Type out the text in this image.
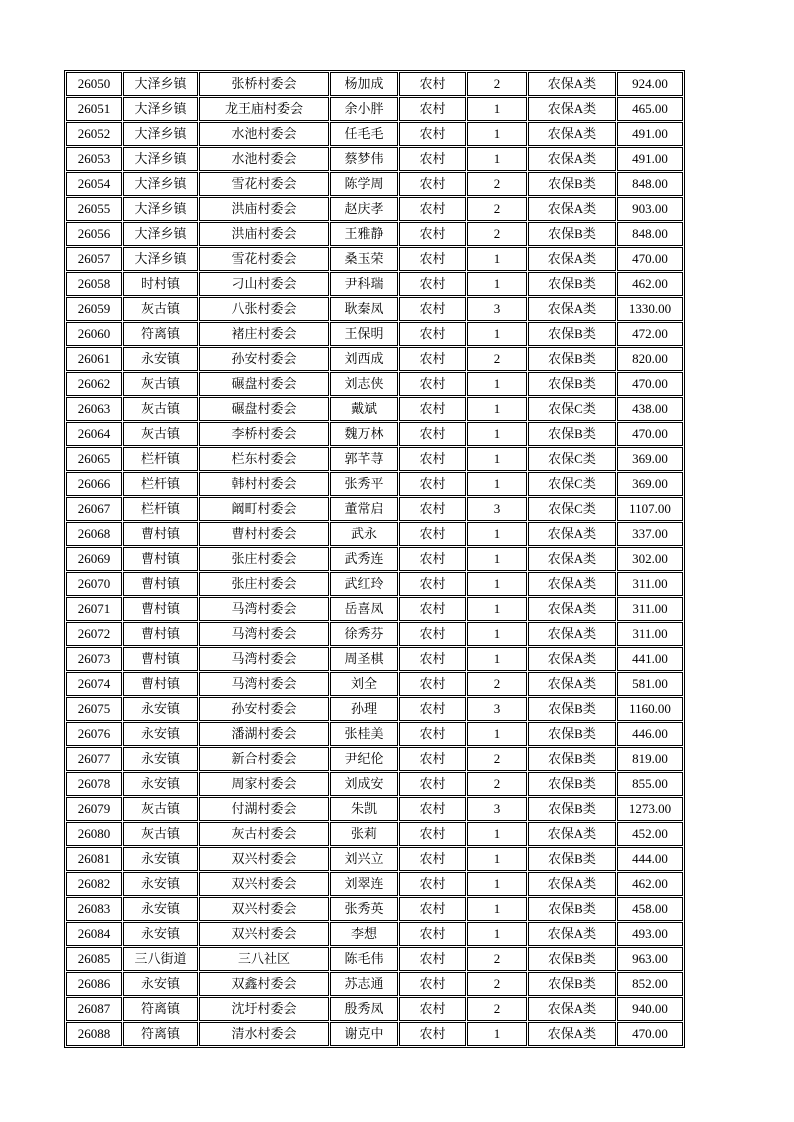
26050	大泽乡镇	张桥村委会	杨加成	农村	2	农保A类	924.00
26051	大泽乡镇	龙王庙村委会	余小胖	农村	1	农保A类	465.00
26052	大泽乡镇	水池村委会	任毛毛	农村	1	农保A类	491.00
26053	大泽乡镇	水池村委会	蔡梦伟	农村	1	农保A类	491.00
26054	大泽乡镇	雪花村委会	陈学周	农村	2	农保B类	848.00
26055	大泽乡镇	洪庙村委会	赵庆孝	农村	2	农保A类	903.00
26056	大泽乡镇	洪庙村委会	王雅静	农村	2	农保B类	848.00
26057	大泽乡镇	雪花村委会	桑玉荣	农村	1	农保A类	470.00
26058	时村镇	刁山村委会	尹科瑞	农村	1	农保B类	462.00
26059	灰古镇	八张村委会	耿秦凤	农村	3	农保A类	1330.00
26060	符离镇	褚庄村委会	王保明	农村	1	农保B类	472.00
26061	永安镇	孙安村委会	刘西成	农村	2	农保B类	820.00
26062	灰古镇	碾盘村委会	刘志侠	农村	1	农保B类	470.00
26063	灰古镇	碾盘村委会	戴斌	农村	1	农保C类	438.00
26064	灰古镇	李桥村委会	魏万林	农村	1	农保B类	470.00
26065	栏杆镇	栏东村委会	郭芊荨	农村	1	农保C类	369.00
26066	栏杆镇	韩村村委会	张秀平	农村	1	农保C类	369.00
26067	栏杆镇	阚町村委会	董常启	农村	3	农保C类	1107.00
26068	曹村镇	曹村村委会	武永	农村	1	农保A类	337.00
26069	曹村镇	张庄村委会	武秀连	农村	1	农保A类	302.00
26070	曹村镇	张庄村委会	武红玲	农村	1	农保A类	311.00
26071	曹村镇	马湾村委会	岳喜凤	农村	1	农保A类	311.00
26072	曹村镇	马湾村委会	徐秀芬	农村	1	农保A类	311.00
26073	曹村镇	马湾村委会	周圣棋	农村	1	农保A类	441.00
26074	曹村镇	马湾村委会	刘全	农村	2	农保A类	581.00
26075	永安镇	孙安村委会	孙理	农村	3	农保B类	1160.00
26076	永安镇	潘湖村委会	张桂美	农村	1	农保B类	446.00
26077	永安镇	新合村委会	尹纪伦	农村	2	农保B类	819.00
26078	永安镇	周家村委会	刘成安	农村	2	农保B类	855.00
26079	灰古镇	付湖村委会	朱凯	农村	3	农保B类	1273.00
26080	灰古镇	灰古村委会	张莉	农村	1	农保A类	452.00
26081	永安镇	双兴村委会	刘兴立	农村	1	农保B类	444.00
26082	永安镇	双兴村委会	刘翠连	农村	1	农保A类	462.00
26083	永安镇	双兴村委会	张秀英	农村	1	农保B类	458.00
26084	永安镇	双兴村委会	李想	农村	1	农保A类	493.00
26085	三八街道	三八社区	陈毛伟	农村	2	农保B类	963.00
26086	永安镇	双鑫村委会	苏志通	农村	2	农保B类	852.00
26087	符离镇	沈圩村委会	殷秀凤	农村	2	农保A类	940.00
26088	符离镇	清水村委会	谢克中	农村	1	农保A类	470.00
